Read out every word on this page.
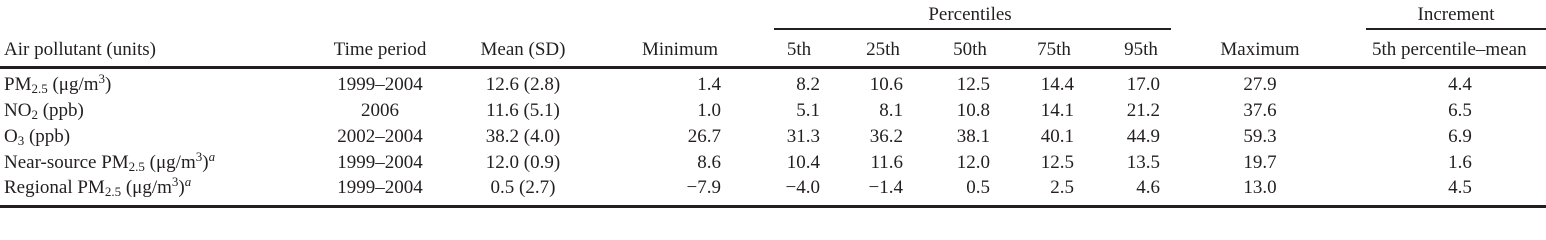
Percentiles	Increment
Air pollutant (units)	Time period	Mean (SD)	Minimum	5th	25th	50th	75th	95th	Maximum	5th percentile–mean
$PM_{2.5}$ $(\mu g/m^3)$	1999–2004	12.6 (2.8)	1.4	8.2	10.6	12.5	14.4	17.0	27.9	4.4
$NO_2$ (ppb)	2006	11.6 (5.1)	1.0	5.1	8.1	10.8	14.1	21.2	37.6	6.5
$O_3$ (ppb)	2002–2004	38.2 (4.0)	26.7	31.3	36.2	38.1	40.1	44.9	59.3	6.9
Near-source $PM_{2.5}$ $(\mu g/m^3)^a$	1999–2004	12.0 (0.9)	8.6	10.4	11.6	12.0	12.5	13.5	19.7	1.6
Regional $PM_{2.5}$ $(\mu g/m^3)^a$	1999–2004	0.5 (2.7)	−7.9	−4.0	−1.4	0.5	2.5	4.6	13.0	4.5
